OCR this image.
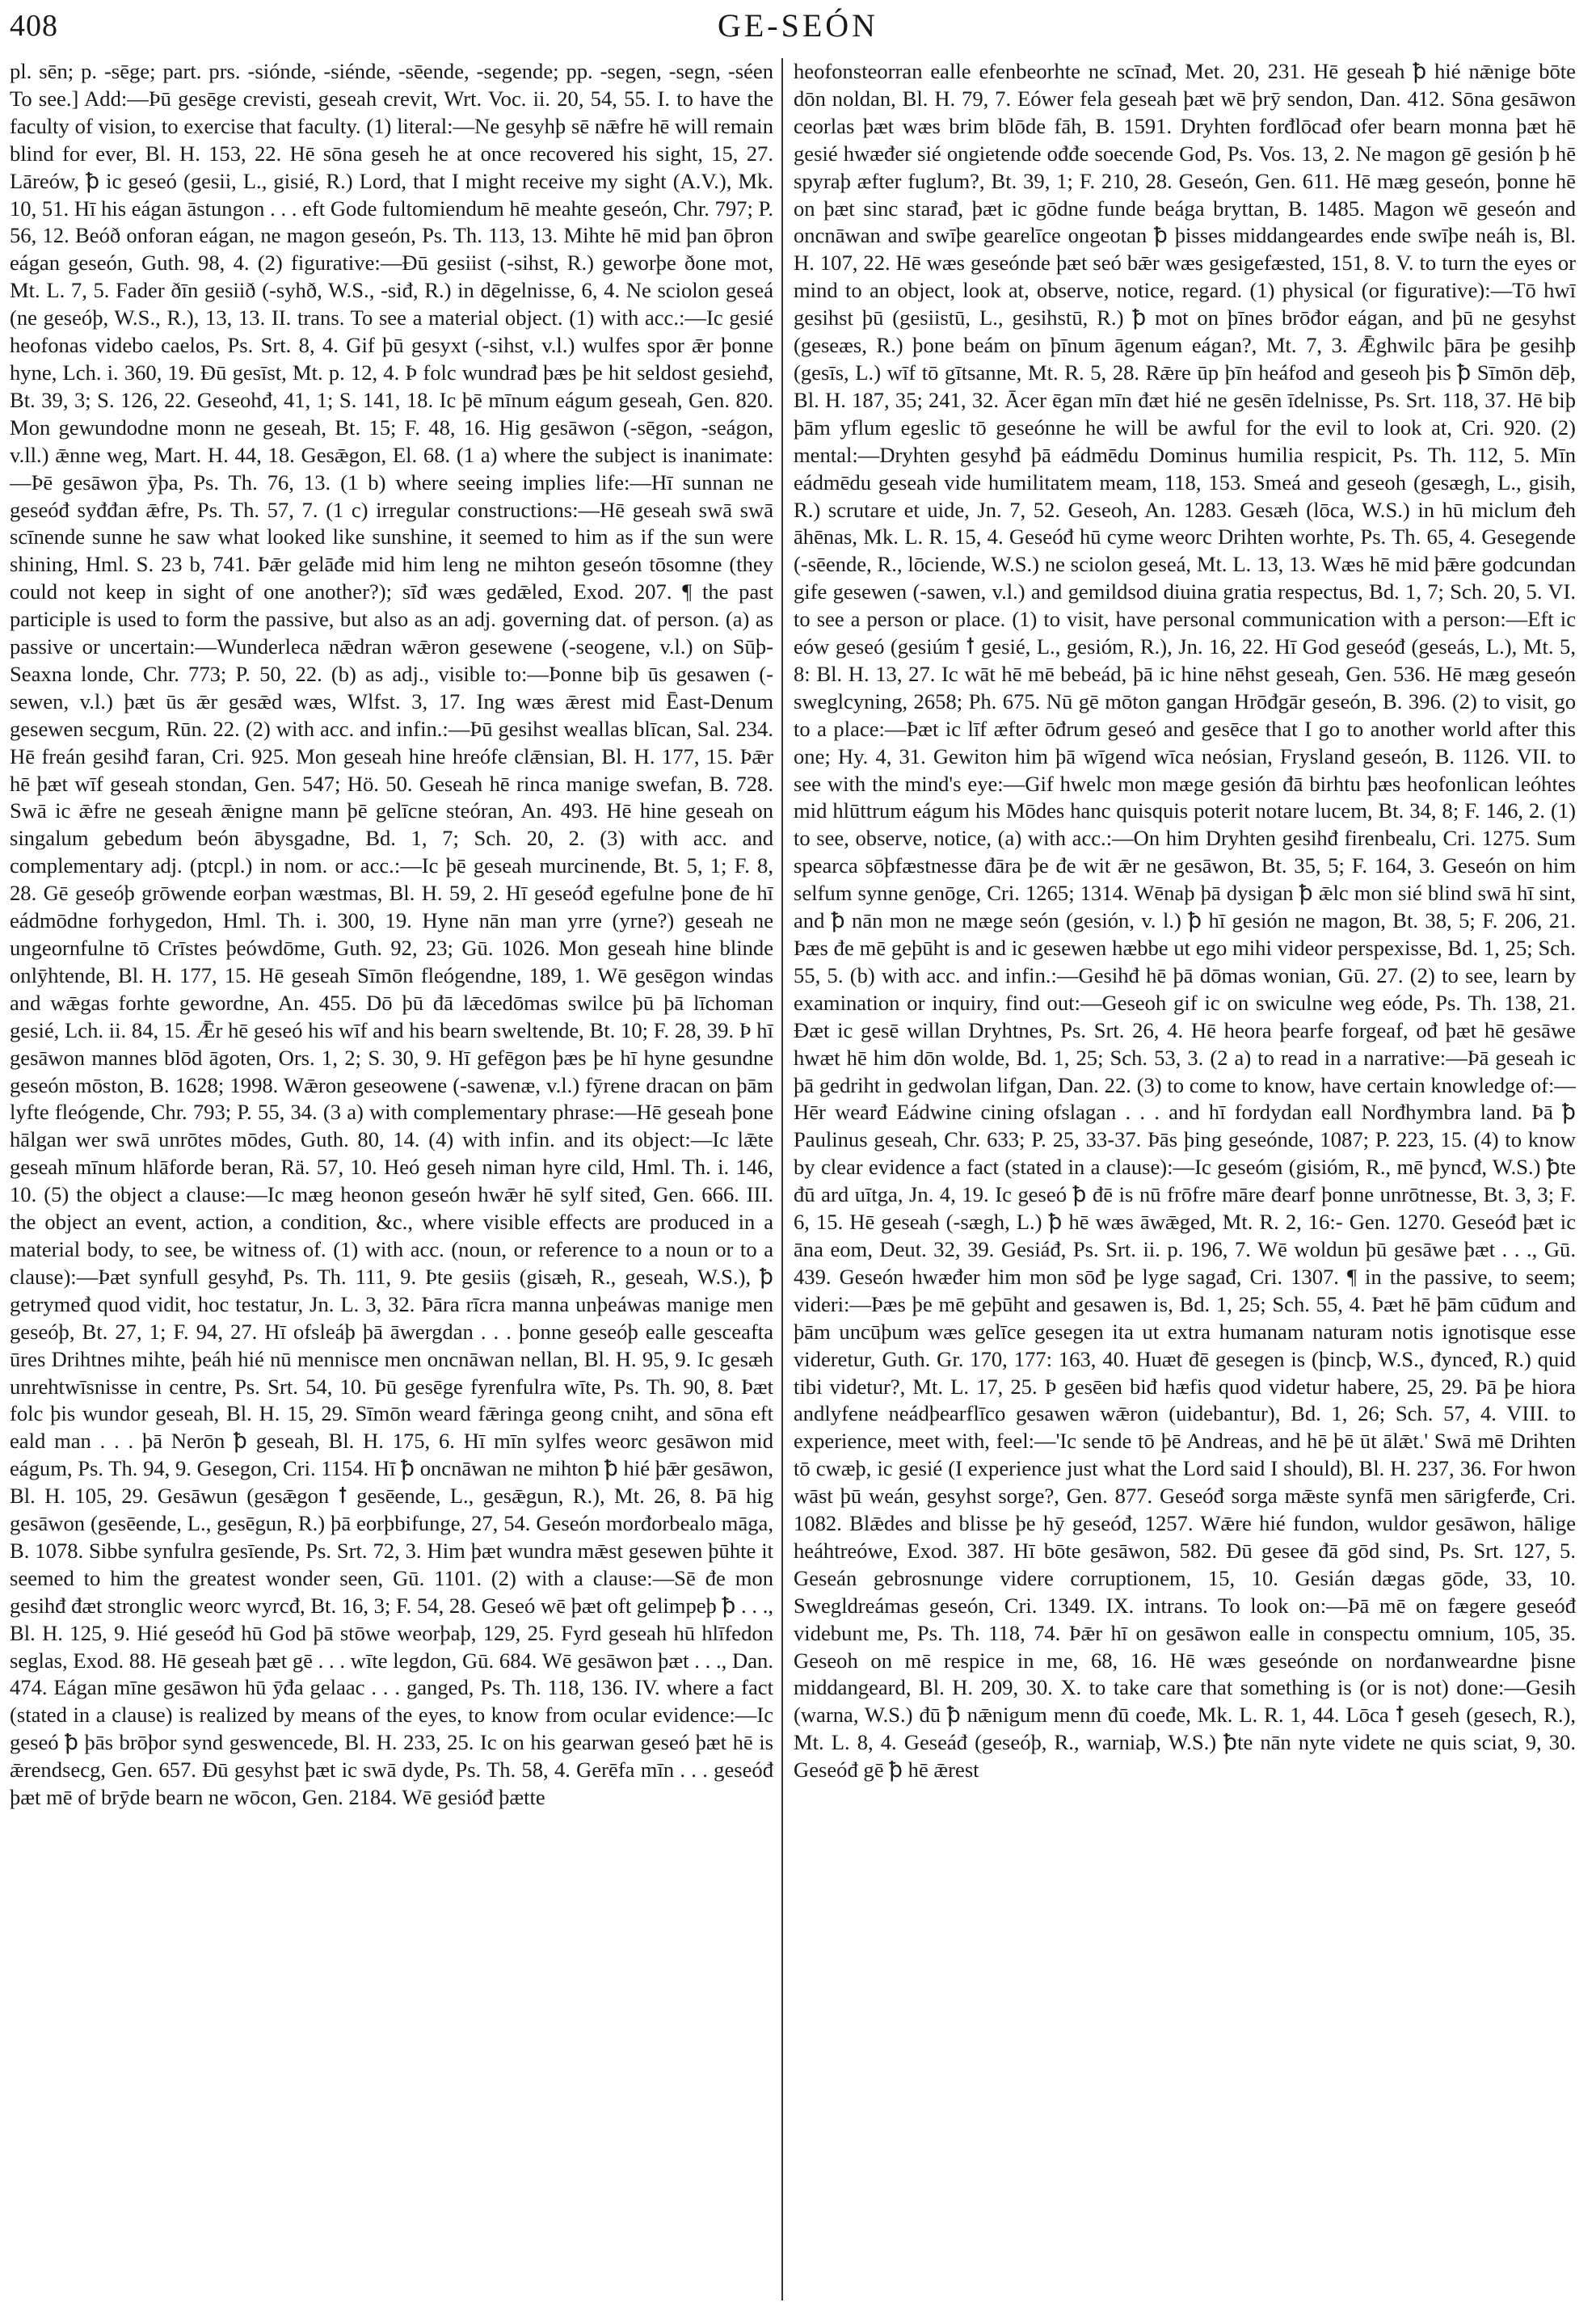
408	GE-SEÓN

pl. sēn; p. -sēge; part. prs. -siónde, -siénde, -sēende, -segende; pp. -segen, -segn, -séen To see.] Add:—Þū gesēge crevisti, geseah crevit, Wrt. Voc. ii. 20, 54, 55. I. to have the faculty of vision, to exercise that faculty. (1) literal:—Ne gesyhþ sē nǣfre hē will remain blind for ever, Bl. H. 153, 22. Hē sōna geseh he at once recovered his sight, 15, 27. Lāreów, ꝥ ic geseó (gesii, L., gisié, R.) Lord, that I might receive my sight (A.V.), Mk. 10, 51. Hī his eágan āstungon . . . eft Gode fultomiendum hē meahte geseón, Chr. 797; P. 56, 12. Beóð onforan eágan, ne magon geseón, Ps. Th. 113, 13. Mihte hē mid þan ōþron eágan geseón, Guth. 98, 4. (2) figurative:—Ðū gesiist (-sihst, R.) geworþe ðone mot, Mt. L. 7, 5. Fader ðīn gesiið (-syhð, W.S., -siđ, R.) in dēgelnisse, 6, 4. Ne sciolon geseá (ne geseóþ, W.S., R.), 13, 13. II. trans. To see a material object. (1) with acc.:—Ic gesié heofonas videbo caelos, Ps. Srt. 8, 4. Gif þū gesyxt (-sihst, v.l.) wulfes spor ǣr þonne hyne, Lch. i. 360, 19. Ðū gesīst, Mt. p. 12, 4. Þ folc wundrađ þæs þe hit seldost gesiehđ, Bt. 39, 3; S. 126, 22. Geseohđ, 41, 1; S. 141, 18. Ic þē mīnum eágum geseah, Gen. 820. Mon gewundodne monn ne geseah, Bt. 15; F. 48, 16. Hig gesāwon (-sēgon, -seágon, v.ll.) ǣnne weg, Mart. H. 44, 18. Gesǣgon, El. 68. (1 a) where the subject is inanimate:—Þē gesāwon ȳþa, Ps. Th. 76, 13. (1 b) where seeing implies life:—Hī sunnan ne geseóđ syđđan ǣfre, Ps. Th. 57, 7. (1 c) irregular constructions:—Hē geseah swā swā scīnende sunne he saw what looked like sunshine, it seemed to him as if the sun were shining, Hml. S. 23 b, 741. Þǣr gelāđe mid him leng ne mihton geseón tōsomne (they could not keep in sight of one another?); sīđ wæs gedǣled, Exod. 207. ¶ the past participle is used to form the passive, but also as an adj. governing dat. of person. (a) as passive or uncertain:—Wunderleca nǣdran wǣron gesewene (-seogene, v.l.) on Sūþ-Seaxna londe, Chr. 773; P. 50, 22. (b) as adj., visible to:—Þonne biþ ūs gesawen (-sewen, v.l.) þæt ūs ǣr gesǣd wæs, Wlfst. 3, 17. Ing wæs ǣrest mid Ēast-Denum gesewen secgum, Rūn. 22. (2) with acc. and infin.:—Þū gesihst weallas blīcan, Sal. 234. Hē freán gesihđ faran, Cri. 925. Mon geseah hine hreófe clǣnsian, Bl. H. 177, 15. Þǣr hē þæt wīf geseah stondan, Gen. 547; Hö. 50. Geseah hē rinca manige swefan, B. 728. Swā ic ǣfre ne geseah ǣnigne mann þē gelīcne steóran, An. 493. Hē hine geseah on singalum gebedum beón ābysgadne, Bd. 1, 7; Sch. 20, 2. (3) with acc. and complementary adj. (ptcpl.) in nom. or acc.:—Ic þē geseah murcinende, Bt. 5, 1; F. 8, 28. Gē geseóþ grōwende eorþan wæstmas, Bl. H. 59, 2. Hī geseóđ egefulne þone đe hī eádmōdne forhygedon, Hml. Th. i. 300, 19. Hyne nān man yrre (yrne?) geseah ne ungeornfulne tō Crīstes þeówdōme, Guth. 92, 23; Gū. 1026. Mon geseah hine blinde onlȳhtende, Bl. H. 177, 15. Hē geseah Sīmōn fleógendne, 189, 1. Wē gesēgon windas and wǣgas forhte gewordne, An. 455. Dō þū đā lǣcedōmas swilce þū þā līchoman gesié, Lch. ii. 84, 15. Ǣr hē geseó his wīf and his bearn sweltende, Bt. 10; F. 28, 39. Þ hī gesāwon mannes blōd āgoten, Ors. 1, 2; S. 30, 9. Hī gefēgon þæs þe hī hyne gesundne geseón mōston, B. 1628; 1998. Wǣron geseowene (-sawenæ, v.l.) fȳrene dracan on þām lyfte fleógende, Chr. 793; P. 55, 34. (3 a) with complementary phrase:—Hē geseah þone hālgan wer swā unrōtes mōdes, Guth. 80, 14. (4) with infin. and its object:—Ic lǣte geseah mīnum hlāforde beran, Rä. 57, 10. Heó geseh niman hyre cild, Hml. Th. i. 146, 10. (5) the object a clause:—Ic mæg heonon geseón hwǣr hē sylf siteđ, Gen. 666. III. the object an event, action, a condition, &c., where visible effects are produced in a material body, to see, be witness of. (1) with acc. (noun, or reference to a noun or to a clause):—Þæt synfull gesyhđ, Ps. Th. 111, 9. Þte gesiis (gisæh, R., geseah, W.S.), ꝥ getrymeđ quod vidit, hoc testatur, Jn. L. 3, 32. Þāra rīcra manna unþeáwas manige men geseóþ, Bt. 27, 1; F. 94, 27. Hī ofsleáþ þā āwergdan . . . þonne geseóþ ealle gesceafta ūres Drihtnes mihte, þeáh hié nū mennisce men oncnāwan nellan, Bl. H. 95, 9. Ic gesæh unrehtwīsnisse in centre, Ps. Srt. 54, 10. Þū gesēge fyrenfulra wīte, Ps. Th. 90, 8. Þæt folc þis wundor geseah, Bl. H. 15, 29. Sīmōn weard fǣringa geong cniht, and sōna eft eald man . . . þā Nerōn ꝥ geseah, Bl. H. 175, 6. Hī mīn sylfes weorc gesāwon mid eágum, Ps. Th. 94, 9. Gesegon, Cri. 1154. Hī ꝥ oncnāwan ne mihton ꝥ hié þǣr gesāwon, Bl. H. 105, 29. Gesāwun (gesǣgon ꝉ gesēende, L., gesǣgun, R.), Mt. 26, 8. Þā hig gesāwon (gesēende, L., gesēgun, R.) þā eorþbifunge, 27, 54. Geseón morđorbealo māga, B. 1078. Sibbe synfulra gesīende, Ps. Srt. 72, 3. Him þæt wundra mǣst gesewen þūhte it seemed to him the greatest wonder seen, Gū. 1101. (2) with a clause:—Sē đe mon gesihđ đæt stronglic weorc wyrcđ, Bt. 16, 3; F. 54, 28. Geseó wē þæt oft gelimpeþ ꝥ . . ., Bl. H. 125, 9. Hié geseóđ hū God þā stōwe weorþaþ, 129, 25. Fyrd geseah hū hlīfedon seglas, Exod. 88. Hē geseah þæt gē . . . wīte legdon, Gū. 684. Wē gesāwon þæt . . ., Dan. 474. Eágan mīne gesāwon hū ȳđa gelaac . . . ganged, Ps. Th. 118, 136. IV. where a fact (stated in a clause) is realized by means of the eyes, to know from ocular evidence:—Ic geseó ꝥ þās brōþor synd geswencede, Bl. H. 233, 25. Ic on his gearwan geseó þæt hē is ǣrendsecg, Gen. 657. Ðū gesyhst þæt ic swā dyde, Ps. Th. 58, 4. Gerēfa mīn . . . geseóđ þæt mē of brȳde bearn ne wōcon, Gen. 2184. Wē gesióđ þætte

heofonsteorran ealle efenbeorhte ne scīnađ, Met. 20, 231. Hē geseah ꝥ hié nǣnige bōte dōn noldan, Bl. H. 79, 7. Eówer fela geseah þæt wē þrȳ sendon, Dan. 412. Sōna gesāwon ceorlas þæt wæs brim blōde fāh, B. 1591. Dryhten forđlōcađ ofer bearn monna þæt hē gesié hwæđer sié ongietende ođđe soecende God, Ps. Vos. 13, 2. Ne magon gē gesión þ hē spyraþ æfter fuglum?, Bt. 39, 1; F. 210, 28. Geseón, Gen. 611. Hē mæg geseón, þonne hē on þæt sinc starađ, þæt ic gōdne funde beága bryttan, B. 1485. Magon wē geseón and oncnāwan and swīþe gearelīce ongeotan ꝥ þisses middangeardes ende swīþe neáh is, Bl. H. 107, 22. Hē wæs geseónde þæt seó bǣr wæs gesigefæsted, 151, 8. V. to turn the eyes or mind to an object, look at, observe, notice, regard. (1) physical (or figurative):—Tō hwī gesihst þū (gesiistū, L., gesihstū, R.) ꝥ mot on þīnes brōđor eágan, and þū ne gesyhst (geseæs, R.) þone beám on þīnum āgenum eágan?, Mt. 7, 3. Ǣghwilc þāra þe gesihþ (gesīs, L.) wīf tō gītsanne, Mt. R. 5, 28. Rǣre ūp þīn heáfod and geseoh þis ꝥ Sīmōn dēþ, Bl. H. 187, 35; 241, 32. Ācer ēgan mīn đæt hié ne gesēn īdelnisse, Ps. Srt. 118, 37. Hē biþ þām yflum egeslic tō geseónne he will be awful for the evil to look at, Cri. 920. (2) mental:—Dryhten gesyhđ þā eádmēdu Dominus humilia respicit, Ps. Th. 112, 5. Mīn eádmēdu geseah vide humilitatem meam, 118, 153. Smeá and geseoh (gesægh, L., gisih, R.) scrutare et uide, Jn. 7, 52. Geseoh, An. 1283. Gesæh (lōca, W.S.) in hū miclum đeh āhēnas, Mk. L. R. 15, 4. Geseóđ hū cyme weorc Drihten worhte, Ps. Th. 65, 4. Gesegende (-sēende, R., lōciende, W.S.) ne sciolon geseá, Mt. L. 13, 13. Wæs hē mid þǣre godcundan gife gesewen (-sawen, v.l.) and gemildsod diuina gratia respectus, Bd. 1, 7; Sch. 20, 5. VI. to see a person or place. (1) to visit, have personal communication with a person:—Eft ic eów geseó (gesiúm ꝉ gesié, L., gesióm, R.), Jn. 16, 22. Hī God geseóđ (geseás, L.), Mt. 5, 8: Bl. H. 13, 27. Ic wāt hē mē bebeád, þā ic hine nēhst geseah, Gen. 536. Hē mæg geseón sweglcyning, 2658; Ph. 675. Nū gē mōton gangan Hrōđgār geseón, B. 396. (2) to visit, go to a place:—Þæt ic līf æfter ōđrum geseó and gesēce that I go to another world after this one; Hy. 4, 31. Gewiton him þā wīgend wīca neósian, Frysland geseón, B. 1126. VII. to see with the mind's eye:—Gif hwelc mon mæge gesión đā birhtu þæs heofonlican leóhtes mid hlūttrum eágum his Mōdes hanc quisquis poterit notare lucem, Bt. 34, 8; F. 146, 2. (1) to see, observe, notice, (a) with acc.:—On him Dryhten gesihđ firenbealu, Cri. 1275. Sum spearca sōþfæstnesse đāra þe đe wit ǣr ne gesāwon, Bt. 35, 5; F. 164, 3. Geseón on him selfum synne genōge, Cri. 1265; 1314. Wēnaþ þā dysigan ꝥ ǣlc mon sié blind swā hī sint, and ꝥ nān mon ne mæge seón (gesión, v. l.) ꝥ hī gesión ne magon, Bt. 38, 5; F. 206, 21. Þæs đe mē geþūht is and ic gesewen hæbbe ut ego mihi videor perspexisse, Bd. 1, 25; Sch. 55, 5. (b) with acc. and infin.:—Gesihđ hē þā dōmas wonian, Gū. 27. (2) to see, learn by examination or inquiry, find out:—Geseoh gif ic on swiculne weg eóde, Ps. Th. 138, 21. Đæt ic gesē willan Dryhtnes, Ps. Srt. 26, 4. Hē heora þearfe forgeaf, ođ þæt hē gesāwe hwæt hē him dōn wolde, Bd. 1, 25; Sch. 53, 3. (2 a) to read in a narrative:—Þā geseah ic þā gedriht in gedwolan lifgan, Dan. 22. (3) to come to know, have certain knowledge of:—Hēr wearđ Eádwine cining ofslagan . . . and hī fordydan eall Norđhymbra land. Þā ꝥ Paulinus geseah, Chr. 633; P. 25, 33-37. Þās þing geseónde, 1087; P. 223, 15. (4) to know by clear evidence a fact (stated in a clause):—Ic geseóm (gisióm, R., mē þyncđ, W.S.) ꝥte đū ard uītga, Jn. 4, 19. Ic geseó ꝥ đē is nū frōfre māre đearf þonne unrōtnesse, Bt. 3, 3; F. 6, 15. Hē geseah (-sægh, L.) ꝥ hē wæs āwǣged, Mt. R. 2, 16:- Gen. 1270. Geseóđ þæt ic āna eom, Deut. 32, 39. Gesiáđ, Ps. Srt. ii. p. 196, 7. Wē woldun þū gesāwe þæt . . ., Gū. 439. Geseón hwæđer him mon sōđ þe lyge sagađ, Cri. 1307. ¶ in the passive, to seem; videri:—Þæs þe mē geþūht and gesawen is, Bd. 1, 25; Sch. 55, 4. Þæt hē þām cūđum and þām uncūþum wæs gelīce gesegen ita ut extra humanam naturam notis ignotisque esse videretur, Guth. Gr. 170, 177: 163, 40. Huæt đē gesegen is (þincþ, W.S., đynceđ, R.) quid tibi videtur?, Mt. L. 17, 25. Þ gesēen biđ hæfis quod videtur habere, 25, 29. Þā þe hiora andlyfene neádþearflīco gesawen wǣron (uidebantur), Bd. 1, 26; Sch. 57, 4. VIII. to experience, meet with, feel:—'Ic sende tō þē Andreas, and hē þē ūt ālǣt.' Swā mē Drihten tō cwæþ, ic gesié (I experience just what the Lord said I should), Bl. H. 237, 36. For hwon wāst þū weán, gesyhst sorge?, Gen. 877. Geseóđ sorga mǣste synfā men sārigferđe, Cri. 1082. Blǣdes and blisse þe hȳ geseóđ, 1257. Wǣre hié fundon, wuldor gesāwon, hālige heáhtreówe, Exod. 387. Hī bōte gesāwon, 582. Ðū gesee đā gōd sind, Ps. Srt. 127, 5. Geseán gebrosnunge videre corruptionem, 15, 10. Gesián dægas gōde, 33, 10. Swegldreámas geseón, Cri. 1349. IX. intrans. To look on:—Þā mē on fægere geseóđ videbunt me, Ps. Th. 118, 74. Þǣr hī on gesāwon ealle in conspectu omnium, 105, 35. Geseoh on mē respice in me, 68, 16. Hē wæs geseónde on norđanweardne þisne middangeard, Bl. H. 209, 30. X. to take care that something is (or is not) done:—Gesih (warna, W.S.) đū ꝥ nǣnigum menn đū coeđe, Mk. L. R. 1, 44. Lōca ꝉ geseh (gesech, R.), Mt. L. 8, 4. Geseáđ (geseóþ, R., warniaþ, W.S.) ꝥte nān nyte videte ne quis sciat, 9, 30. Geseóđ gē ꝥ hē ǣrest
